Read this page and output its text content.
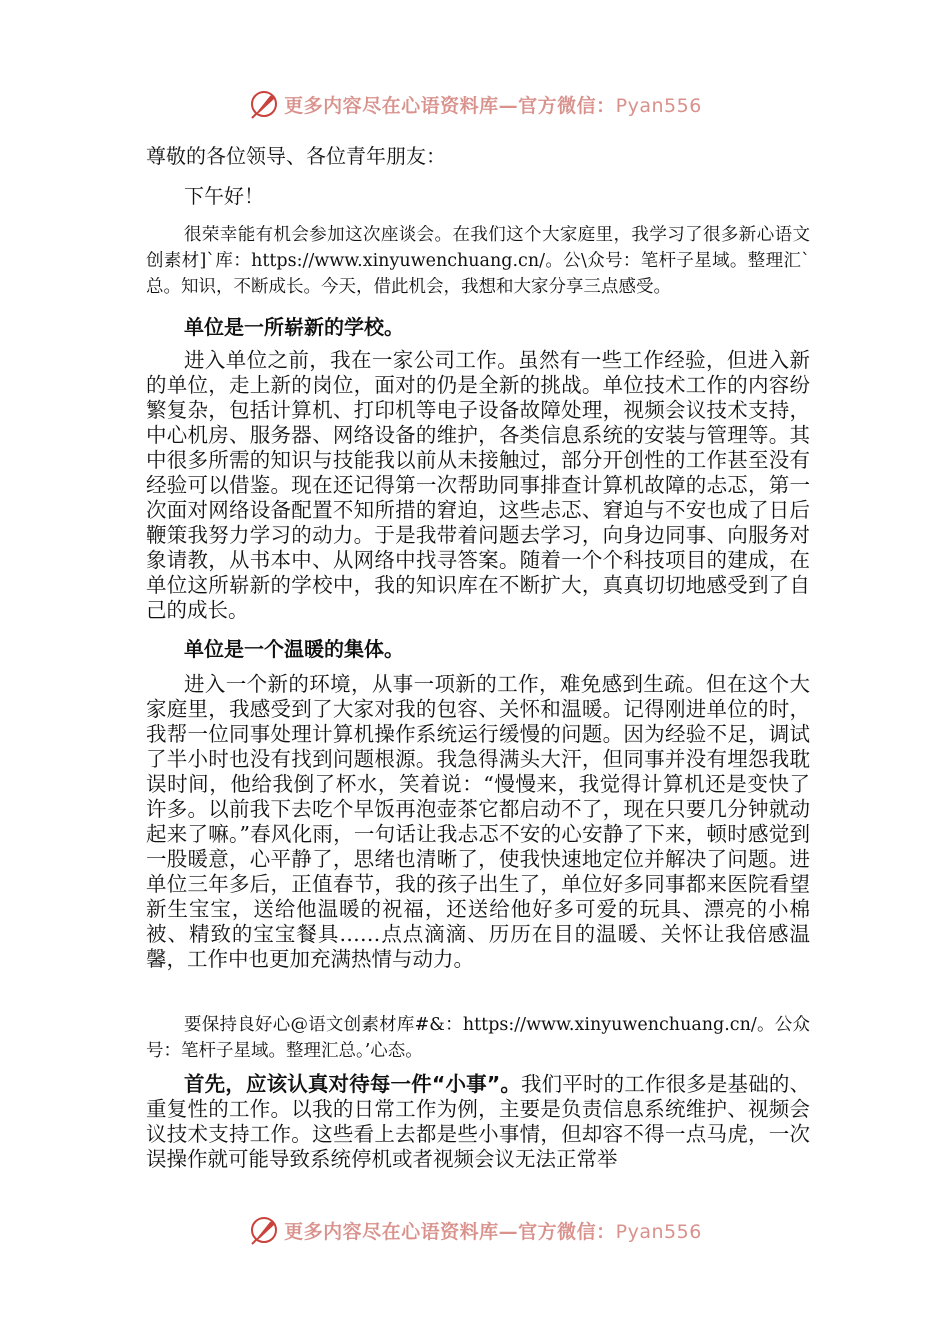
更多内容尽在心语资料库—官方微信：Pyan556

尊敬的各位领导、各位青年朋友：

下午好！

很荣幸能有机会参加这次座谈会。在我们这个大家庭里，我学习了很多新心语文创素材]`库：https://www.xinyuwenchuang.cn/。公\众号：笔杆子星域。整理汇`总。知识，不断成长。今天，借此机会，我想和大家分享三点感受。

单位是一所崭新的学校。

进入单位之前，我在一家公司工作。虽然有一些工作经验，但进入新的单位，走上新的岗位，面对的仍是全新的挑战。单位技术工作的内容纷繁复杂，包括计算机、打印机等电子设备故障处理，视频会议技术支持，中心机房、服务器、网络设备的维护，各类信息系统的安装与管理等。其中很多所需的知识与技能我以前从未接触过，部分开创性的工作甚至没有经验可以借鉴。现在还记得第一次帮助同事排查计算机故障的忐忑，第一次面对网络设备配置不知所措的窘迫，这些忐忑、窘迫与不安也成了日后鞭策我努力学习的动力。于是我带着问题去学习，向身边同事、向服务对象请教，从书本中、从网络中找寻答案。随着一个个科技项目的建成，在单位这所崭新的学校中，我的知识库在不断扩大，真真切切地感受到了自己的成长。

单位是一个温暖的集体。

进入一个新的环境，从事一项新的工作，难免感到生疏。但在这个大家庭里，我感受到了大家对我的包容、关怀和温暖。记得刚进单位的时，我帮一位同事处理计算机操作系统运行缓慢的问题。因为经验不足，调试了半小时也没有找到问题根源。我急得满头大汗，但同事并没有埋怨我耽误时间，他给我倒了杯水，笑着说：“慢慢来，我觉得计算机还是变快了许多。以前我下去吃个早饭再泡壶茶它都启动不了，现在只要几分钟就动起来了嘛。”春风化雨，一句话让我忐忑不安的心安静了下来，顿时感觉到一股暖意，心平静了，思绪也清晰了，使我快速地定位并解决了问题。进单位三年多后，正值春节，我的孩子出生了，单位好多同事都来医院看望新生宝宝，送给他温暖的祝福，还送给他好多可爱的玩具、漂亮的小棉被、精致的宝宝餐具……点点滴滴、历历在目的温暖、关怀让我倍感温馨，工作中也更加充满热情与动力。

要保持良好心@语文创素材库#&：https://www.xinyuwenchuang.cn/。公众号：笔杆子星域。整理汇总。’心态。

首先，应该认真对待每一件“小事”。我们平时的工作很多是基础的、重复性的工作。以我的日常工作为例，主要是负责信息系统维护、视频会议技术支持工作。这些看上去都是些小事情，但却容不得一点马虎，一次误操作就可能导致系统停机或者视频会议无法正常举

更多内容尽在心语资料库—官方微信：Pyan556
